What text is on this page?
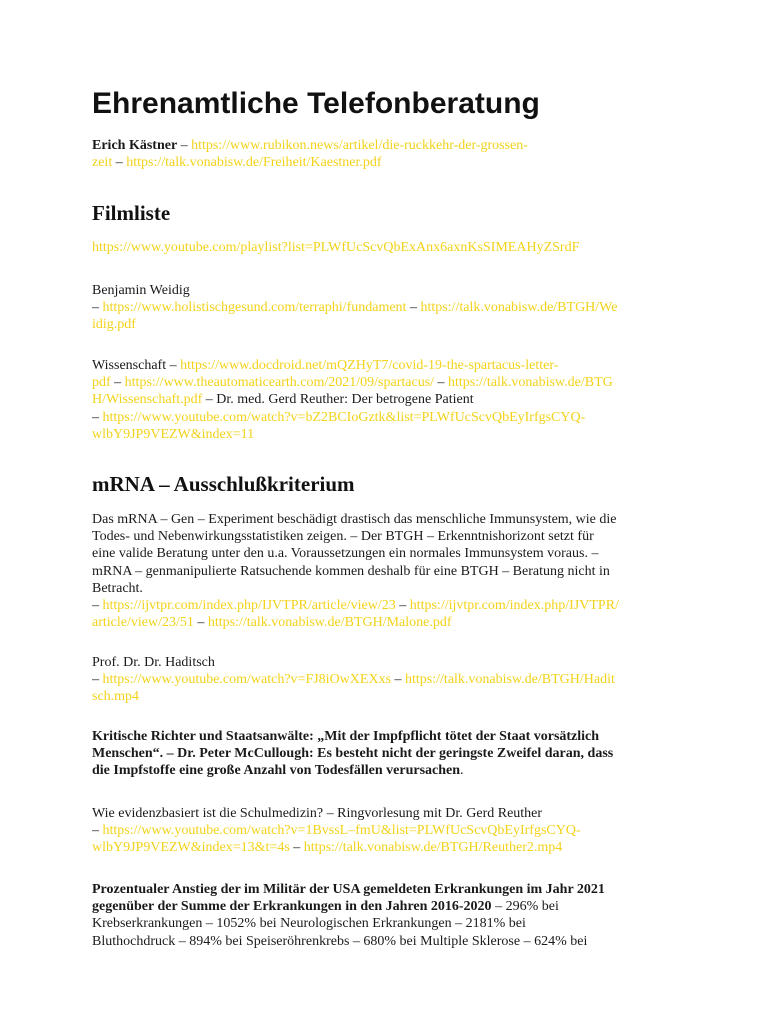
Ehrenamtliche Telefonberatung
Erich Kästner – https://www.rubikon.news/artikel/die-ruckkehr-der-grossen-
zeit – https://talk.vonabisw.de/Freiheit/Kaestner.pdf
Filmliste
https://www.youtube.com/playlist?list=PLWfUcScvQbExAnx6axnKsSIMEAHyZSrdF
Benjamin Weidig
– https://www.holistischgesund.com/terraphi/fundament – https://talk.vonabisw.de/BTGH/We
idig.pdf
Wissenschaft – https://www.docdroid.net/mQZHyT7/covid-19-the-spartacus-letter-
pdf – https://www.theautomaticearth.com/2021/09/spartacus/ – https://talk.vonabisw.de/BTG
H/Wissenschaft.pdf – Dr. med. Gerd Reuther: Der betrogene Patient
– https://www.youtube.com/watch?v=bZ2BCIoGztk&list=PLWfUcScvQbEyIrfgsCYQ-
wlbY9JP9VEZW&index=11
mRNA – Ausschlußkriterium
Das mRNA – Gen – Experiment beschädigt drastisch das menschliche Immunsystem, wie die
Todes- und Nebenwirkungsstatistiken zeigen. – Der BTGH – Erkenntnishorizont setzt für
eine valide Beratung unter den u.a. Voraussetzungen ein normales Immunsystem voraus. –
mRNA – genmanipulierte Ratsuchende kommen deshalb für eine BTGH – Beratung nicht in
Betracht.
– https://ijvtpr.com/index.php/IJVTPR/article/view/23 – https://ijvtpr.com/index.php/IJVTPR/
article/view/23/51 – https://talk.vonabisw.de/BTGH/Malone.pdf
Prof. Dr. Dr. Haditsch
– https://www.youtube.com/watch?v=FJ8iOwXEXxs – https://talk.vonabisw.de/BTGH/Hadit
sch.mp4
Kritische Richter und Staatsanwälte: „Mit der Impfpflicht tötet der Staat vorsätzlich
Menschen“. – Dr. Peter McCullough: Es besteht nicht der geringste Zweifel daran, dass
die Impfstoffe eine große Anzahl von Todesfällen verursachen.
Wie evidenzbasiert ist die Schulmedizin? – Ringvorlesung mit Dr. Gerd Reuther
– https://www.youtube.com/watch?v=1BvssL–fmU&list=PLWfUcScvQbEyIrfgsCYQ-
wlbY9JP9VEZW&index=13&t=4s – https://talk.vonabisw.de/BTGH/Reuther2.mp4
Prozentualer Anstieg der im Militär der USA gemeldeten Erkrankungen im Jahr 2021
gegenüber der Summe der Erkrankungen in den Jahren 2016-2020 – 296% bei
Krebserkrankungen – 1052% bei Neurologischen Erkrankungen – 2181% bei
Bluthochdruck – 894% bei Speiseröhrenkrebs – 680% bei Multiple Sklerose – 624% bei
